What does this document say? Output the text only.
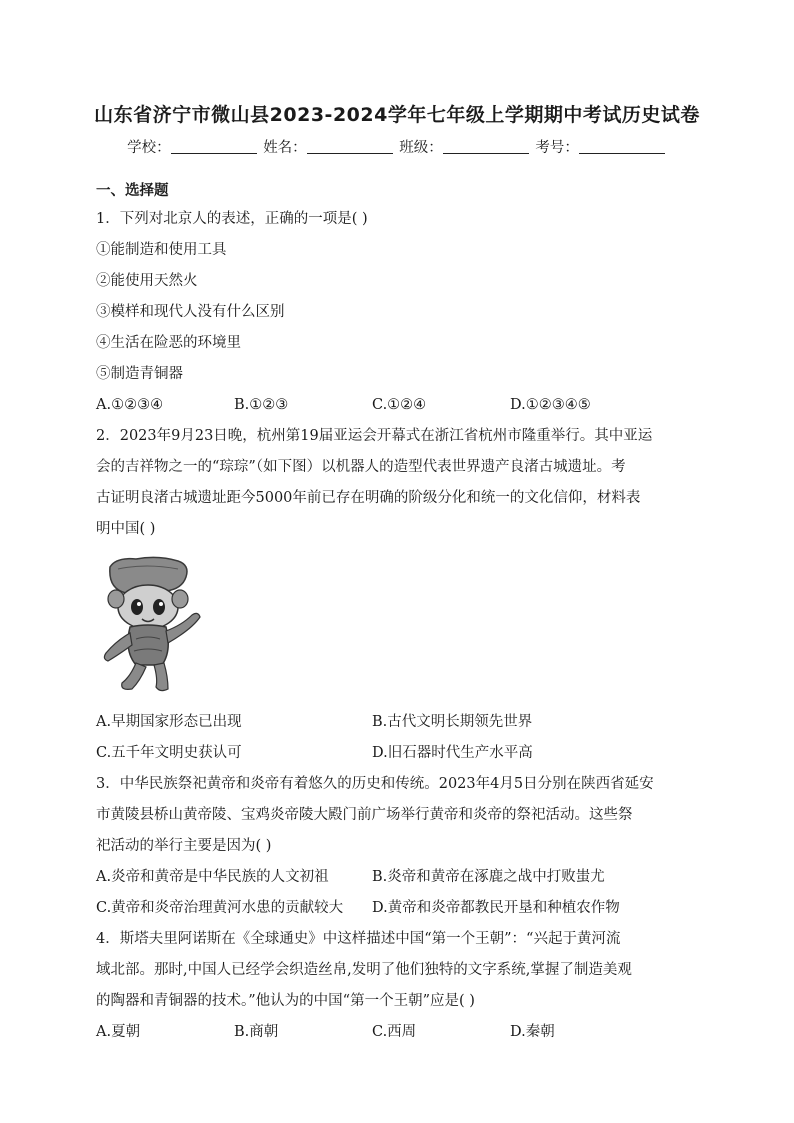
山东省济宁市微山县2023-2024学年七年级上学期期中考试历史试卷
学校：	姓名：	班级：	考号：
一、选择题
1．下列对北京人的表述，正确的一项是( )
①能制造和使用工具
②能使用天然火
③模样和现代人没有什么区别
④生活在险恶的环境里
⑤制造青铜器
A.①②③④	B.①②③	C.①②④	D.①②③④⑤
2．2023年9月23日晚，杭州第19届亚运会开幕式在浙江省杭州市隆重举行。其中亚运
会的吉祥物之一的“琮琮”（如下图）以机器人的造型代表世界遗产良渚古城遗址。考
古证明良渚古城遗址距今5000年前已存在明确的阶级分化和统一的文化信仰，材料表
明中国( )
A.早期国家形态已出现	B.古代文明长期领先世界
C.五千年文明史获认可	D.旧石器时代生产水平高
3．中华民族祭祀黄帝和炎帝有着悠久的历史和传统。2023年4月5日分别在陕西省延安
市黄陵县桥山黄帝陵、宝鸡炎帝陵大殿门前广场举行黄帝和炎帝的祭祀活动。这些祭
祀活动的举行主要是因为( )
A.炎帝和黄帝是中华民族的人文初祖	B.炎帝和黄帝在涿鹿之战中打败蚩尤
C.黄帝和炎帝治理黄河水患的贡献较大	D.黄帝和炎帝都教民开垦和种植农作物
4．斯塔夫里阿诺斯在《全球通史》中这样描述中国“第一个王朝”：“兴起于黄河流
域北部。那时,中国人已经学会织造丝帛,发明了他们独特的文字系统,掌握了制造美观
的陶器和青铜器的技术。”他认为的中国“第一个王朝”应是( )
A.夏朝	B.商朝	C.西周	D.秦朝
